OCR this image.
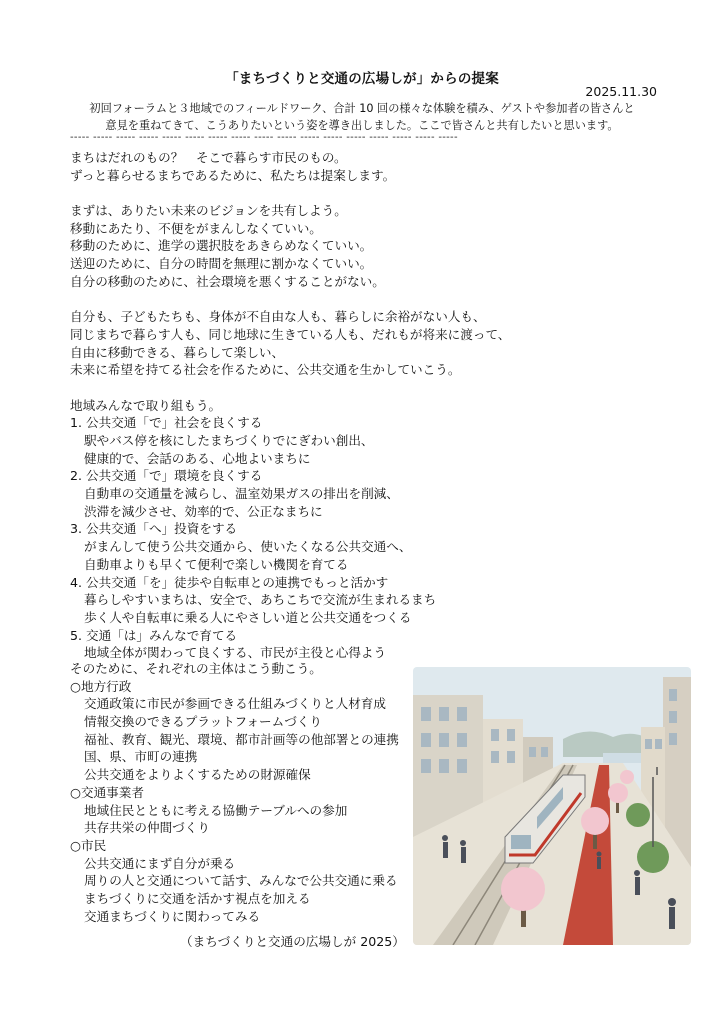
「まちづくりと交通の広場しが」からの提案
2025.11.30
初回フォーラムと３地域でのフィールドワーク、合計 10 回の様々な体験を積み、ゲストや参加者の皆さんと
意見を重ねてきて、こうありたいという姿を導き出しました。ここで皆さんと共有したいと思います。
----- ----- ----- ----- ----- ----- ----- ----- ----- ----- ----- ----- ----- ----- ----- ----- -----
まちはだれのもの？　そこで暮らす市民のもの。
ずっと暮らせるまちであるために、私たちは提案します。
まずは、ありたい未来のビジョンを共有しよう。
移動にあたり、不便をがまんしなくていい。
移動のために、進学の選択肢をあきらめなくていい。
送迎のために、自分の時間を無理に割かなくていい。
自分の移動のために、社会環境を悪くすることがない。
自分も、子どもたちも、身体が不自由な人も、暮らしに余裕がない人も、
同じまちで暮らす人も、同じ地球に生きている人も、だれもが将来に渡って、
自由に移動できる、暮らして楽しい、
未来に希望を持てる社会を作るために、公共交通を生かしていこう。
地域みんなで取り組もう。
1. 公共交通「で」社会を良くする
駅やバス停を核にしたまちづくりでにぎわい創出、
健康的で、会話のある、心地よいまちに
2. 公共交通「で」環境を良くする
自動車の交通量を減らし、温室効果ガスの排出を削減、
渋滞を減少させ、効率的で、公正なまちに
3. 公共交通「へ」投資をする
がまんして使う公共交通から、使いたくなる公共交通へ、
自動車よりも早くて便利で楽しい機関を育てる
4. 公共交通「を」徒歩や自転車との連携でもっと活かす
暮らしやすいまちは、安全で、あちこちで交流が生まれるまち
歩く人や自転車に乗る人にやさしい道と公共交通をつくる
5. 交通「は」みんなで育てる
地域全体が関わって良くする、市民が主役と心得よう
そのために、それぞれの主体はこう動こう。
○地方行政
交通政策に市民が参画できる仕組みづくりと人材育成
情報交換のできるプラットフォームづくり
福祉、教育、観光、環境、都市計画等の他部署との連携
国、県、市町の連携
公共交通をよりよくするための財源確保
○交通事業者
地域住民とともに考える協働テーブルへの参加
共存共栄の仲間づくり
○市民
公共交通にまず自分が乗る
周りの人と交通について話す、みんなで公共交通に乗る
まちづくりに交通を活かす視点を加える
交通まちづくりに関わってみる
（まちづくりと交通の広場しが 2025）
